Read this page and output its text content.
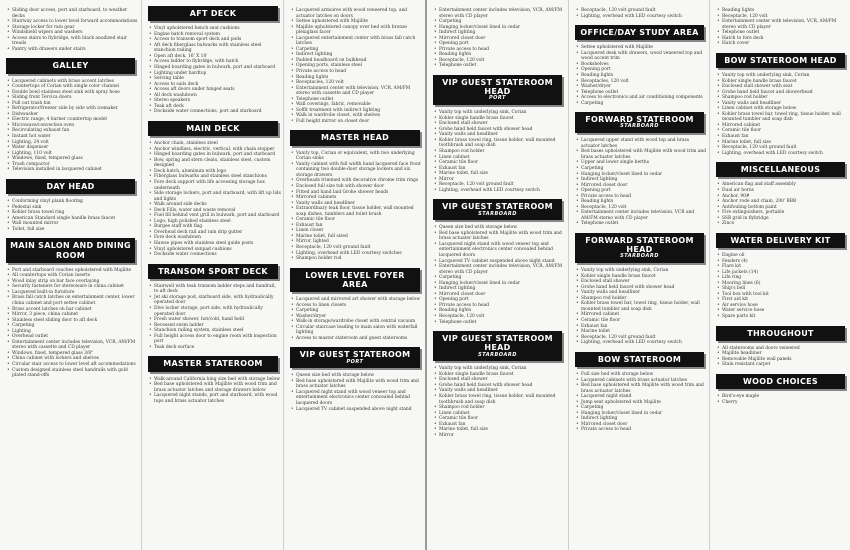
• Sliding door access, port and starboard, to weather decks
• Stairway access to lower level forward accommodations
• Storage locker for rain gear
• Windshield wipers and washers
• Access stairs to flybridge, with black anodized stair treads
• Pantry with drawers under stairs
GALLEY
• Lacquered cabinets with brass accent latches
• Countertops of Corian with single color channel
• Double bowl stainless steel sink with spray hose
• Sliding front Tercica doors
• Pull out trash bin
• Refrigerator/freezer side by side with icemaker
• Dishwasher
• Electric range, 4 burner countertop model
• Microwave/convection oven
• Recirculating exhaust fan
• Instant hot water
• Lighting, 24 volt
• Water dispenser
• Lighting, 110 volt
• Windows, fixed, tempered glass
• Trash compactor
• Television installed in lacquered cabinet
DAY HEAD
• Conforming vinyl plank flooring
• Pedestal sink
• Kohler brass towel ring
• American Standard single handle brass faucet
• Wall mounted mirror
• Toilet, full size
MAIN SALON AND DINING ROOM
• Port and starboard couches upholstered with Majilite
• All countertops with Corian inserts
• Wood inlay strip on bar face overlaying
• Security fasteners for stereoware in china cabinet
• Lacquered built-in furniture
• Brass fall catch latches on entertainment center, lower china cabinet and port settee cabinet
• Brass accent latches on bar cabinet
• Mirror, 3 piece, china cabinet
• Stainless steel sliding door to aft deck
• Carpeting
• Lighting
• Overhead outlet
• Entertainment center includes television, VCR, AM/FM stereo with cassette and CD player
• Windows, fixed, tempered glass 3/8"
• China cabinet with lockers and shelves
• Circular stair access to lower level aft accommodations
• Custom designed stainless steel handrails with gold plated stand-offs
AFT DECK
• Vinyl upholstered bench seat cushions
• Engine hatch removal system
• Access to transom sport deck and pods
• Aft deck fiberglass bulwarks with stainless steel stanchion railing
• Open aft deck, 16' X 10'
• Access ladder to flybridge, with hatch
• Hinged boarding gates in bulwark, port and starboard
• Lighting under hardtop
• Serving table
• Access to sails deck
• Access aft doors under hinged seats
• All deck washdown
• Stereo speakers
• Teak aft deck
• Dockside water connections, port and starboard
MAIN DECK
• Anchor chain, stainless steel
• Anchor windlass, electric, vertical, with chain stopper
• Hinged boarding gates in bulwark, port and starboard
• Bow, spring and stern cleats, stainless steel, custom designed
• Deck hatch, aluminum with logo
• Fiberglass bulwarks and stainless steel stanchions
• Fore deck support with life accessing storage box underneath
• Side storage lockers, port and starboard, with lift up lids and lights
• Walk around side decks
• Deck Fills, water and waste removal
• Fuel fill behind vent grill in bulwark, port and starboard
• Logo, high polished stainless steel
• Burgee staff with flag
• Overhead deck rail and rain drip gutter
• Fore deck washdown
• Hawse pipes with stainless steel guide posts
• Vinyl upholstered sunpad cushions
• Dockside water connections
TRANSOM SPORT DECK
• Stairwell with teak transom ladder steps and handrail, to aft deck
• Jet ski storage pod, starboard side, with hydraulically operated door
• Dive locker storage, port side, with hydraulically operated door
• Fresh water shower, hot/cold, hand held
• Recessed swim ladder
• Stanchion railing system, stainless steel
• Full height access door to engine room with inspection port
• Teak deck surface
MASTER STATEROOM
• Walk-around California king size bed with storage below
• Bed base upholstered with Majilite with wood trim and brass actuator latches and storage drawers below
• Lacquered night stands, port and starboard, with wood tops and brass actuator latches
• Lacquered armoires with wood veneered top, and actuator latches on doors
• Settee upholstered with Majilite
• Majilite upholstered canopy over bed with bronze plexiglass facer
• Lacquered entertainment center with brass fall catch latches
• Carpeting
• Indirect lighting
• Padded headboard on bulkhead
• Opening ports, stainless steel
• Private access to head
• Reading lights
• Receptacles, 120 volt
• Entertainment center with television, VCR, AM/FM stereo with cassette and CD player
• Telephone outlet
• Wall coverings, fabric, removable
• Soffit treatment with indirect lighting
• Walk in wardrobe closet, with shelves
• Full height mirror on closet door
MASTER HEAD
• Vanity top, Corian or equivalent, with two underlying Corian sinks
• Vanity cabinet with full width hand lacquered face front containing two double-door storage lockers and six storage drawers
• Overheads trimmed with decorative chrome trim rings
• Enclosed full size tub with shower door
• Fitted and hand laid Grohe shower heads
• Mirrored cabinets
• Vanity walls and headliner
• Extraordinary teak floor, tissue holder, wall mounted soap dishes, tumblers and toilet brush
• Ceramic tile floor
• Exhaust fan
• Linen closet
• Marine toilet, full sized
• Mirror, lighted
• Receptacle, 120 volt ground fault
• Lighting, overhead with LED courtesy switches
• Shampoo holder rod
LOWER LEVEL FOYER AREA
• Lacquered and mirrored art shower with storage below
• Access to linen closets
• Carpeting
• Washer/dryer
• Walk-in storage/wardrobe closet with central vacuum
• Circular staircase leading to main salon with waterfall lighting
• Access to master stateroom and guest staterooms
VIP GUEST STATEROOM
PORT
• Queen size bed with storage below
• Bed base upholstered with Majilite with wood trim and brass actuator latches
• Lacquered night stand with wood veneer top and entertainment electronics center concealed behind lacquered doors
• Lacquered TV cabinet suspended above night stand
• Entertainment center includes television, VCR, AM/FM stereo with CD player
• Carpeting
• Hanging locker/closet lined in cedar
• Indirect lighting
• Mirrored closet door
• Opening port
• Private access to head
• Reading lights
• Receptacle, 120 volt
• Telephone outlet
VIP GUEST STATEROOM HEAD
PORT
• Vanity top with underlying sink, Corian
• Kohler single handle brass faucet
• Enclosed stall shower
• Grohe hand held faucet with shower head
• Vanity walls and headliner
• Kohler brass towel ring, tissue holder, wall mounted toothbrush and soap dish
• Shampoo rod holder
• Linen cabinet
• Ceramic tile floor
• Exhaust fan
• Marine toilet, full size
• Mirror
• Receptacle, 120 volt ground fault
• Lighting, overhead with LED courtesy switch
VIP GUEST STATEROOM
STARBOARD
• Queen size bed with storage below
• Bed base upholstered with Majilite with wood trim and brass actuator latches
• Lacquered night stand with wood veneer top and entertainment electronics center concealed behind lacquered doors
• Lacquered TV cabinet suspended above night stand
• Entertainment center includes television, VCR, AM/FM stereo with CD player
• Carpeting
• Hanging locker/closet lined in cedar
• Indirect lighting
• Mirrored closet door
• Opening port
• Private access to head
• Reading lights
• Receptacle, 120 volt
• Telephone outlet
VIP GUEST STATEROOM HEAD
STARBOARD
• Vanity top with underlying sink, Corian
• Kohler single handle brass faucet
• Enclosed stall shower
• Grohe hand held faucet with shower head
• Vanity walls and headliner
• Kohler brass towel ring, tissue holder, wall mounted toothbrush and soap dish
• Shampoo rod holder
• Linen cabinet
• Ceramic tile floor
• Exhaust fan
• Marine toilet, full size
• Mirror
• Receptacle, 120 volt ground fault
• Lighting, overhead with LED courtesy switch
OFFICE/DAY STUDY AREA
• Settee upholstered with Majilite
• Lacquered desk with drawers, wood veneered top and wood accent trim
• Bookshelves
• Opening port
• Reading lights
• Receptacles, 120 volt
• Washer/dryer
• Telephone outlet
• Access to electronics and air conditioning components
• Carpeting
FORWARD STATEROOM
STARBOARD
• Lacquered upper stand with wood top and brass actuator latches
• Bed bases upholstered with Majilite with wood trim and brass actuator latches
• Upper and lower single berths
• Carpeting
• Hanging locker/closet lined in cedar
• Indirect lighting
• Mirrored closet door
• Opening port
• Private access to head
• Reading lights
• Receptacle, 120 volt
• Entertainment center includes television, VCR and AM/FM stereo with CD player
• Telephone outlet
FORWARD STATEROOM HEAD
STARBOARD
• Vanity top with underlying sink, Corian
• Kohler single handle brass faucet
• Enclosed stall shower
• Grohe hand held faucet with shower head
• Vanity walls and headliner
• Shampoo rod holder
• Kohler brass towel bar, towel ring, tissue holder, wall mounted tumbler and soap dish
• Mirrored cabinet
• Ceramic tile floor
• Exhaust fan
• Marine toilet
• Receptacle, 120 volt ground fault
• Lighting, overhead with LED courtesy switch
BOW STATEROOM
• Full size bed with storage below
• Lacquered cabinets with brass actuator latches
• Bed base upholstered with Majilite with wood trim and brass actuator latches
• Lacquered night stand
• Jump seat upholstered with Majilite
• Carpeting
• Hanging locker/closet lined in cedar
• Indirect lighting
• Mirrored closet door
• Private access to head
• Reading lights
• Receptacle, 120 volt
• Entertainment center with television, VCR, AM/FM stereo with CD player
• Telephone outlet
• Hatch to fore deck
• Hatch cover
BOW STATEROOM HEAD
• Vanity top with underlying sink, Corian
• Kohler single handle brass faucet
• Enclosed stall shower with seat
• Grohe hand held faucet and showerhead
• Shampoo rod holder
• Vanity walls and headliner
• Linen cabinet with storage below
• Kohler brass towel bar, towel ring, tissue holder, wall mounted tumbler and soap dish
• Mirrored cabinet
• Ceramic tile floor
• Exhaust fan
• Marine toilet, full size
• Receptacle, 120 volt ground fault
• Lighting, overhead with LED courtesy switch
MISCELLANEOUS
• American flag and staff assembly
• Dual air horns
• Anchor, 90#
• Anchor rode and chain, 200' BBB
• Antifouling bottom paint
• Fire extinguishers, portable
• SSB grid in flybridge
• Zincs
WATER DELIVERY KIT
• Engine oil
• Fenders (4)
• Flare kit
• Life jackets (14)
• Life ring
• Mooring lines (6)
• Ship's bell
• Tool box with tool kit
• First aid kit
• Air service hose
• Water service hose
• Spare parts kit
THROUGHOUT
• All staterooms and doors veneered
• Majilite headliner
• Removable Majilite wall panels
• Stain resistant carpet
WOOD CHOICES
• Bird's-eye maple
• Cherry
